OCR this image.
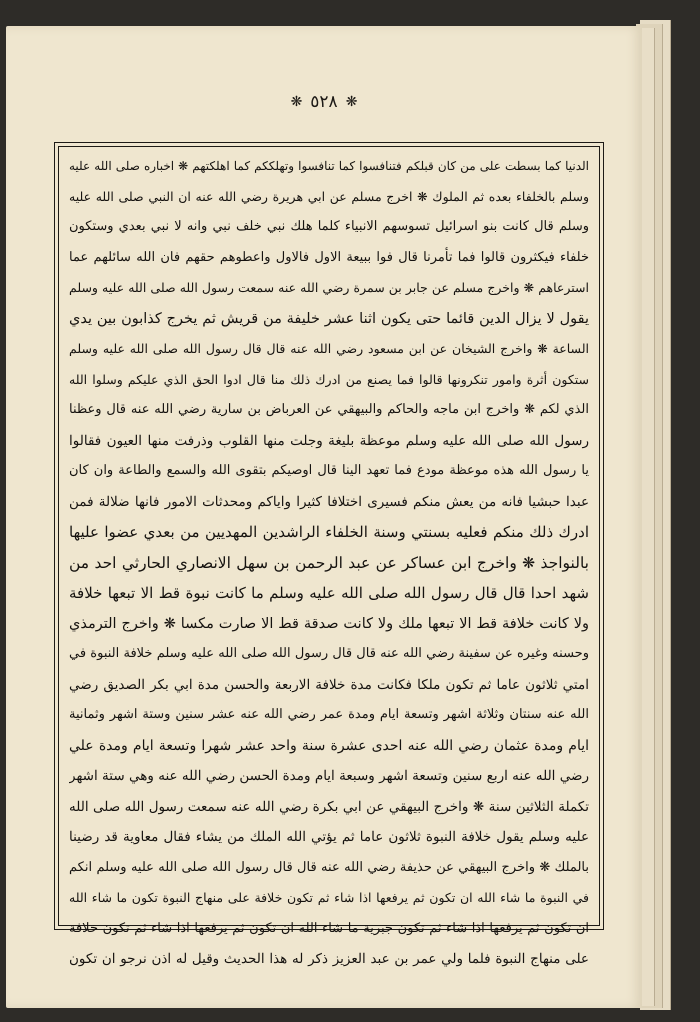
❋ ٥٢٨ ❋
الدنيا كما بسطت على من كان قبلكم فتنافسوا كما تنافسوا وتهلككم كما اهلكتهم ❋ اخباره صلى الله عليه
وسلم بالخلفاء بعده ثم الملوك ❋ اخرج مسلم عن ابي هريرة رضي الله عنه ان النبي صلى الله عليه
وسلم قال كانت بنو اسرائيل تسوسهم الانبياء كلما هلك نبي خلف نبي وانه لا نبي بعدي وستكون
خلفاء فيكثرون قالوا فما تأمرنا قال فوا ببيعة الاول فالاول واعطوهم حقهم فان الله سائلهم عما
استرعاهم ❋ واخرج مسلم عن جابر بن سمرة رضي الله عنه سمعت رسول الله صلى الله عليه وسلم
يقول لا يزال الدين قائما حتى يكون اثنا عشر خليفة من قريش ثم يخرج كذابون بين يدي
الساعة ❋ واخرج الشيخان عن ابن مسعود رضي الله عنه قال قال رسول الله صلى الله عليه وسلم
ستكون أثرة وامور تنكرونها قالوا فما يصنع من ادرك ذلك منا قال ادوا الحق الذي عليكم وسلوا الله
الذي لكم ❋ واخرج ابن ماجه والحاكم والبيهقي عن العرباض بن سارية رضي الله عنه قال وعظنا
رسول الله صلى الله عليه وسلم موعظة بليغة وجلت منها القلوب وذرفت منها العيون فقالوا
يا رسول الله هذه موعظة مودع فما تعهد الينا قال اوصيكم بتقوى الله والسمع والطاعة وان كان
عبدا حبشيا فانه من يعش منكم فسيرى اختلافا كثيرا واياكم ومحدثات الامور فانها ضلالة فمن
ادرك ذلك منكم فعليه بسنتي وسنة الخلفاء الراشدين المهديين من بعدي عضوا عليها
بالنواجذ ❋ واخرج ابن عساكر عن عبد الرحمن بن سهل الانصاري الحارثي احد من
شهد احدا قال قال رسول الله صلى الله عليه وسلم ما كانت نبوة قط الا تبعها خلافة
ولا كانت خلافة قط الا تبعها ملك ولا كانت صدقة قط الا صارت مكسا ❋ واخرج الترمذي
وحسنه وغيره عن سفينة رضي الله عنه قال قال رسول الله صلى الله عليه وسلم خلافة النبوة في
امتي ثلاثون عاما ثم تكون ملكا فكانت مدة خلافة الاربعة والحسن مدة ابي بكر الصديق رضي
الله عنه سنتان وثلاثة اشهر وتسعة ايام ومدة عمر رضي الله عنه عشر سنين وستة اشهر وثمانية
ايام ومدة عثمان رضي الله عنه احدى عشرة سنة واحد عشر شهرا وتسعة ايام ومدة علي
رضي الله عنه اربع سنين وتسعة اشهر وسبعة ايام ومدة الحسن رضي الله عنه وهي ستة اشهر
تكملة الثلاثين سنة ❋ واخرج البيهقي عن ابي بكرة رضي الله عنه سمعت رسول الله صلى الله
عليه وسلم يقول خلافة النبوة ثلاثون عاما ثم يؤتي الله الملك من يشاء فقال معاوية قد رضينا
بالملك ❋ واخرج البيهقي عن حذيفة رضي الله عنه قال قال رسول الله صلى الله عليه وسلم انكم
في النبوة ما شاء الله ان تكون ثم يرفعها اذا شاء ثم تكون خلافة على منهاج النبوة تكون ما شاء الله
ان تكون ثم يرفعها اذا شاء ثم تكون جبرية ما شاء الله ان تكون ثم يرفعها اذا شاء ثم تكون خلافة
على منهاج النبوة فلما ولي عمر بن عبد العزيز ذكر له هذا الحديث وقيل له اذن نرجو ان تكون
